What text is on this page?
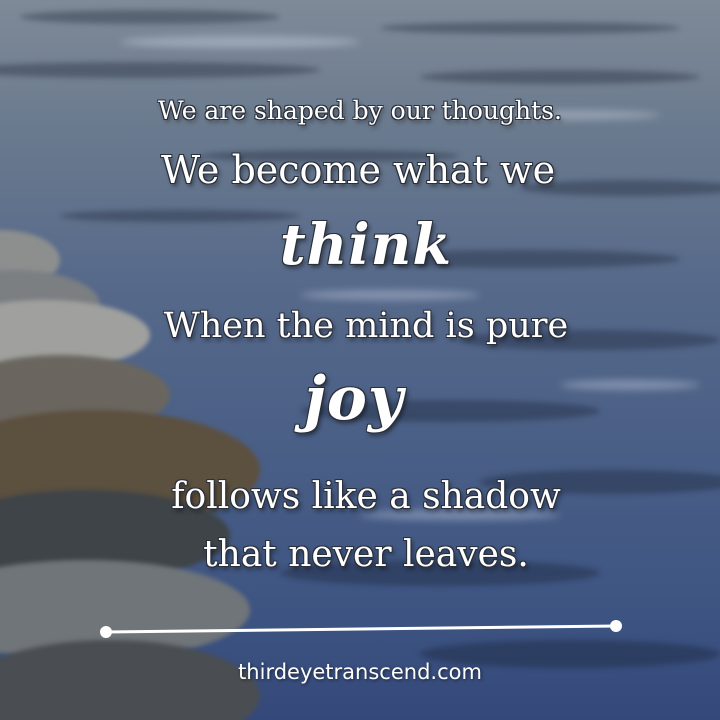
We are shaped by our thoughts.
We become what we
think
When the mind is pure
joy
follows like a shadow
that never leaves.
thirdeyetranscend.com
